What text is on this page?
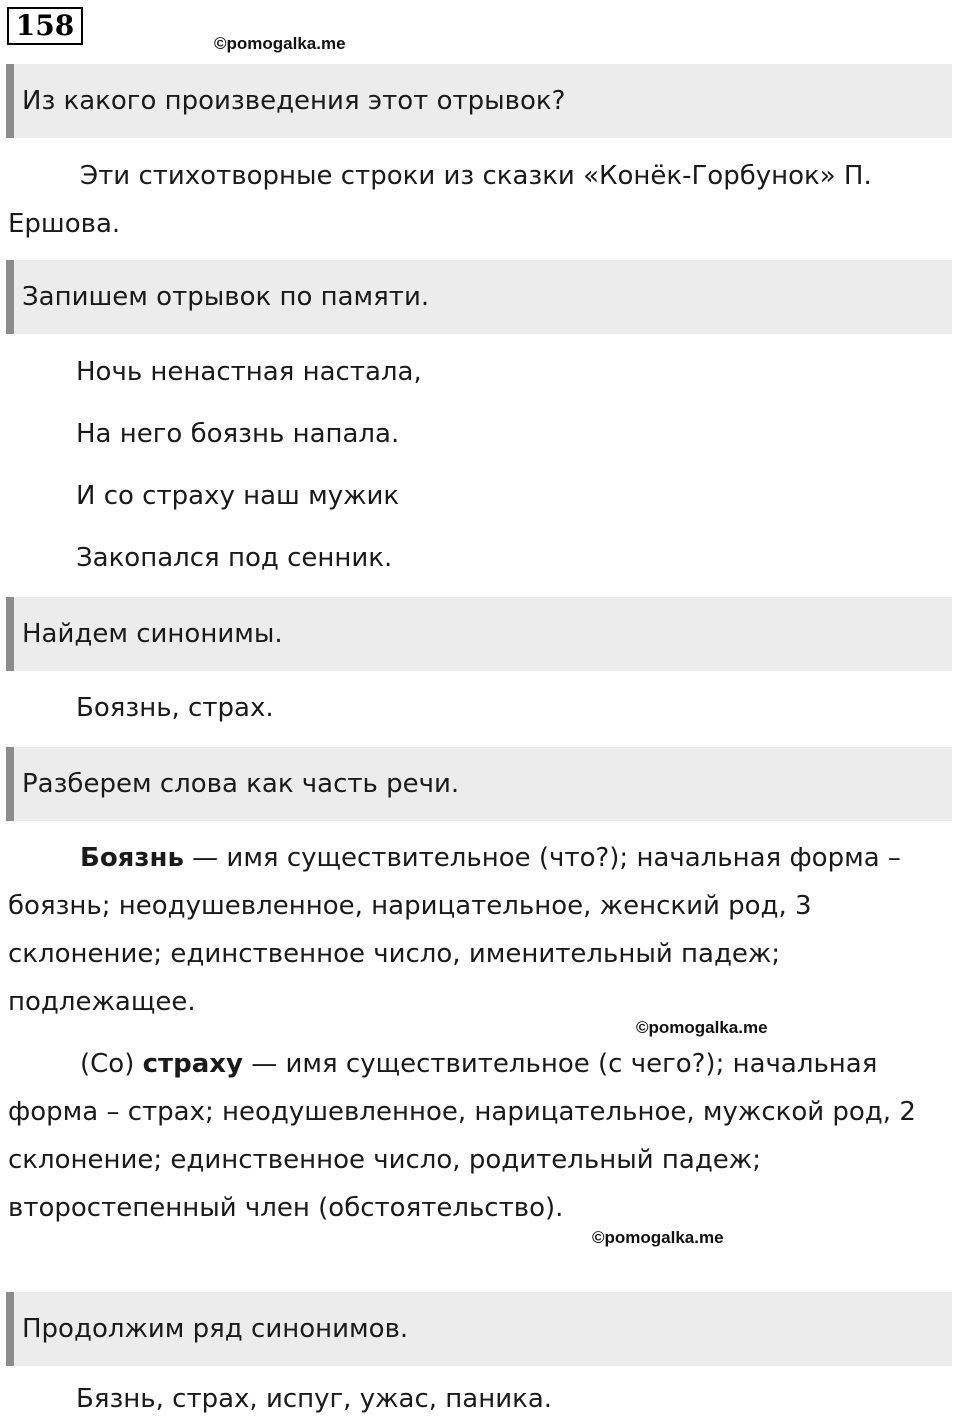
158
©pomogalka.me
Из какого произведения этот отрывок?

Эти стихотворные строки из сказки «Конёк-Горбунок» П. Ершова.

Запишем отрывок по памяти.
Ночь ненастная настала,
На него боязнь напала.
И со страху наш мужик
Закопался под сенник.
Найдем синонимы.
Боязнь, страх.
Разберем слова как часть речи.

Боязнь — имя существительное (что?); начальная форма – боязнь; неодушевленное, нарицательное, женский род, 3 склонение; единственное число, именительный падеж; подлежащее.

©pomogalka.me

(Со) страху — имя существительное (с чего?); начальная форма – страх; неодушевленное, нарицательное, мужской род, 2 склонение; единственное число, родительный падеж; второстепенный член (обстоятельство).

©pomogalka.me
Продолжим ряд синонимов.
Бязнь, страх, испуг, ужас, паника.
